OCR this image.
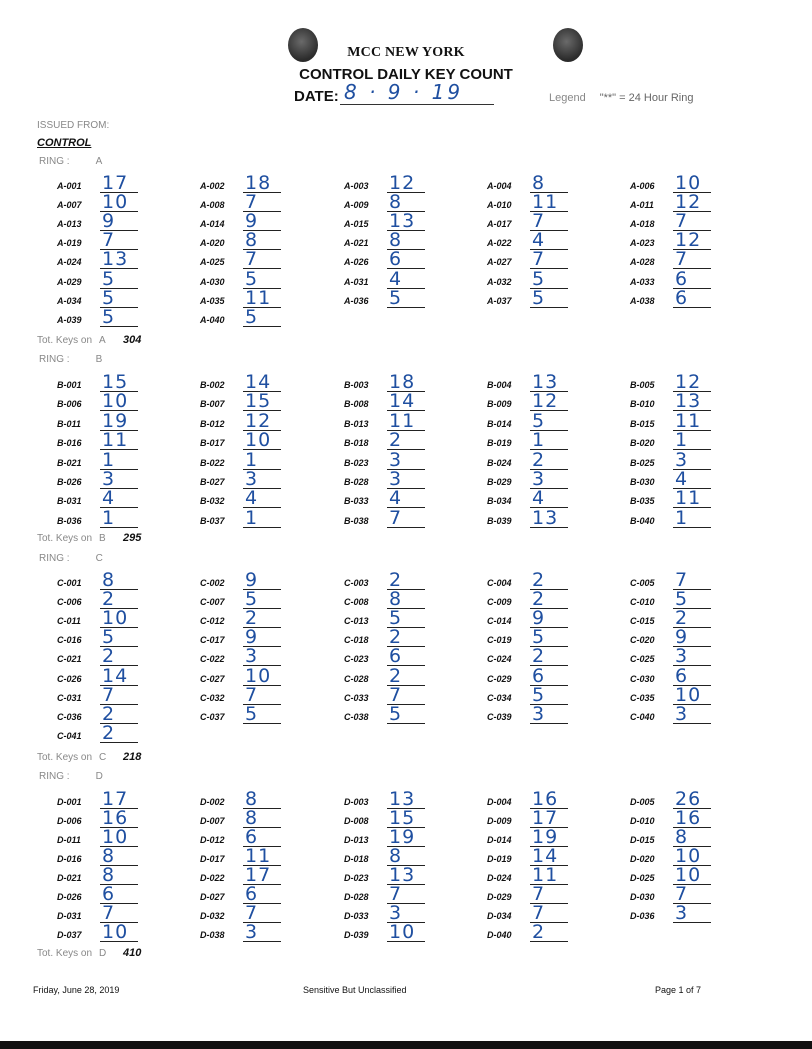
MCC NEW YORK
CONTROL DAILY KEY COUNT
DATE: 8 · 9 · 19	Legend "**" = 24 Hour Ring
ISSUED FROM:
CONTROL
RING :	A
A-001 17	A-002 18	A-003 12	A-004 8	A-006 10
A-007 10	A-008 7	A-009 8	A-010 11	A-011 12
A-013 9	A-014 9	A-015 13	A-017 7	A-018 7
A-019 7	A-020 8	A-021 8	A-022 4	A-023 12
A-024 13	A-025 7	A-026 6	A-027 7	A-028 7
A-029 5	A-030 5	A-031 4	A-032 5	A-033 6
A-034 5	A-035 11	A-036 5	A-037 5	A-038 6
A-039 5	A-040 5
Tot. Keys on A 304
RING :	B
B-001 15	B-002 14	B-003 18	B-004 13	B-005 12
B-006 10	B-007 15	B-008 14	B-009 12	B-010 13
B-011 19	B-012 12	B-013 11	B-014 5	B-015 11
B-016 11	B-017 10	B-018 2	B-019 1	B-020 1
B-021 1	B-022 1	B-023 3	B-024 2	B-025 3
B-026 3	B-027 3	B-028 3	B-029 3	B-030 4
B-031 4	B-032 4	B-033 4	B-034 4	B-035 11
B-036 1	B-037 1	B-038 7	B-039 13	B-040 1
Tot. Keys on B 295
RING :	C
C-001 8	C-002 9	C-003 2	C-004 2	C-005 7
C-006 2	C-007 5	C-008 8	C-009 2	C-010 5
C-011 10	C-012 2	C-013 5	C-014 9	C-015 2
C-016 5	C-017 9	C-018 2	C-019 5	C-020 9
C-021 2	C-022 3	C-023 6	C-024 2	C-025 3
C-026 14	C-027 10	C-028 2	C-029 6	C-030 6
C-031 7	C-032 7	C-033 7	C-034 5	C-035 10
C-036 2	C-037 5	C-038 5	C-039 3	C-040 3
C-041 2
Tot. Keys on C 218
RING :	D
D-001 17	D-002 8	D-003 13	D-004 16	D-005 26
D-006 16	D-007 8	D-008 15	D-009 17	D-010 16
D-011 10	D-012 6	D-013 19	D-014 19	D-015 8
D-016 8	D-017 11	D-018 8	D-019 14	D-020 10
D-021 8	D-022 17	D-023 13	D-024 11	D-025 10
D-026 6	D-027 6	D-028 7	D-029 7	D-030 7
D-031 7	D-032 7	D-033 3	D-034 7	D-036 3
D-037 10	D-038 3	D-039 10	D-040 2
Tot. Keys on D 410
Friday, June 28, 2019	Sensitive But Unclassified	Page 1 of 7
